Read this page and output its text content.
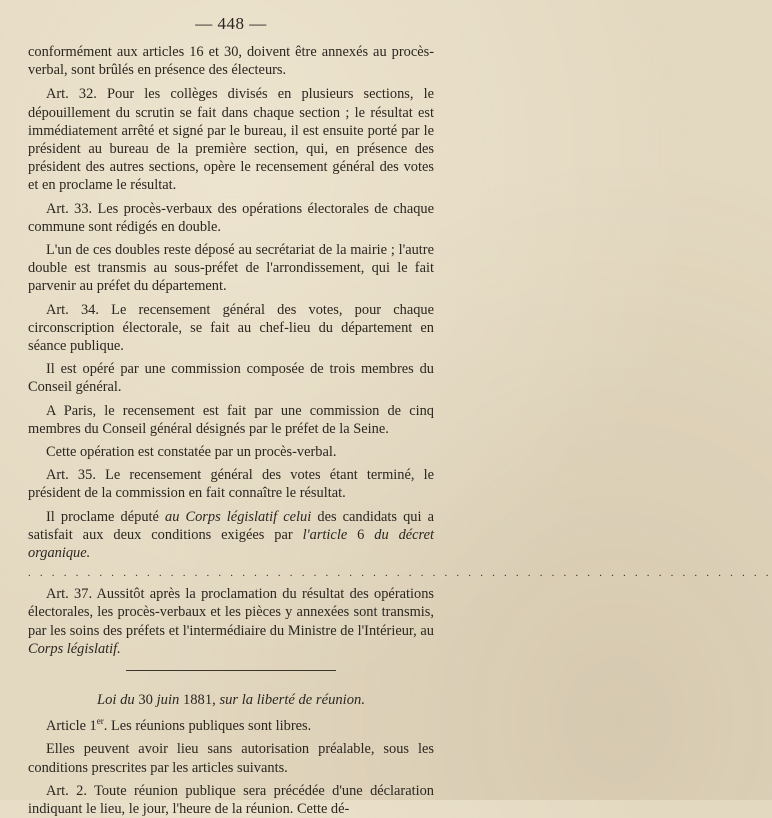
— 448 —

conformément aux articles 16 et 30, doivent être annexés au procès-verbal, sont brûlés en présence des électeurs.

Art. 32. Pour les collèges divisés en plusieurs sections, le dépouillement du scrutin se fait dans chaque section ; le résultat est immédiatement arrêté et signé par le bureau, il est ensuite porté par le président au bureau de la première section, qui, en présence des président des autres sections, opère le recensement général des votes et en proclame le résultat.

Art. 33. Les procès-verbaux des opérations électorales de chaque commune sont rédigés en double.

L'un de ces doubles reste déposé au secrétariat de la mairie ; l'autre double est transmis au sous-préfet de l'arrondissement, qui le fait parvenir au préfet du département.

Art. 34. Le recensement général des votes, pour chaque circonscription électorale, se fait au chef-lieu du département en séance publique.

Il est opéré par une commission composée de trois membres du Conseil général.

A Paris, le recensement est fait par une commission de cinq membres du Conseil général désignés par le préfet de la Seine.

Cette opération est constatée par un procès-verbal.

Art. 35. Le recensement général des votes étant terminé, le président de la commission en fait connaître le résultat.

Il proclame député au Corps législatif celui des candidats qui a satisfait aux deux conditions exigées par l'article 6 du décret organique.

. . . . . . . . . . . . . . . . . . . . . . . . . . . . . . . . . . . . . . . . . . . . . . . . . . . . . . . . . . . . . . .

Art. 37. Aussitôt après la proclamation du résultat des opérations électorales, les procès-verbaux et les pièces y annexées sont transmis, par les soins des préfets et l'intermédiaire du Ministre de l'Intérieur, au Corps législatif.

Loi du 30 juin 1881, sur la liberté de réunion.

Article 1er. Les réunions publiques sont libres.

Elles peuvent avoir lieu sans autorisation préalable, sous les conditions prescrites par les articles suivants.

Art. 2. Toute réunion publique sera précédée d'une déclaration indiquant le lieu, le jour, l'heure de la réunion. Cette dé-
